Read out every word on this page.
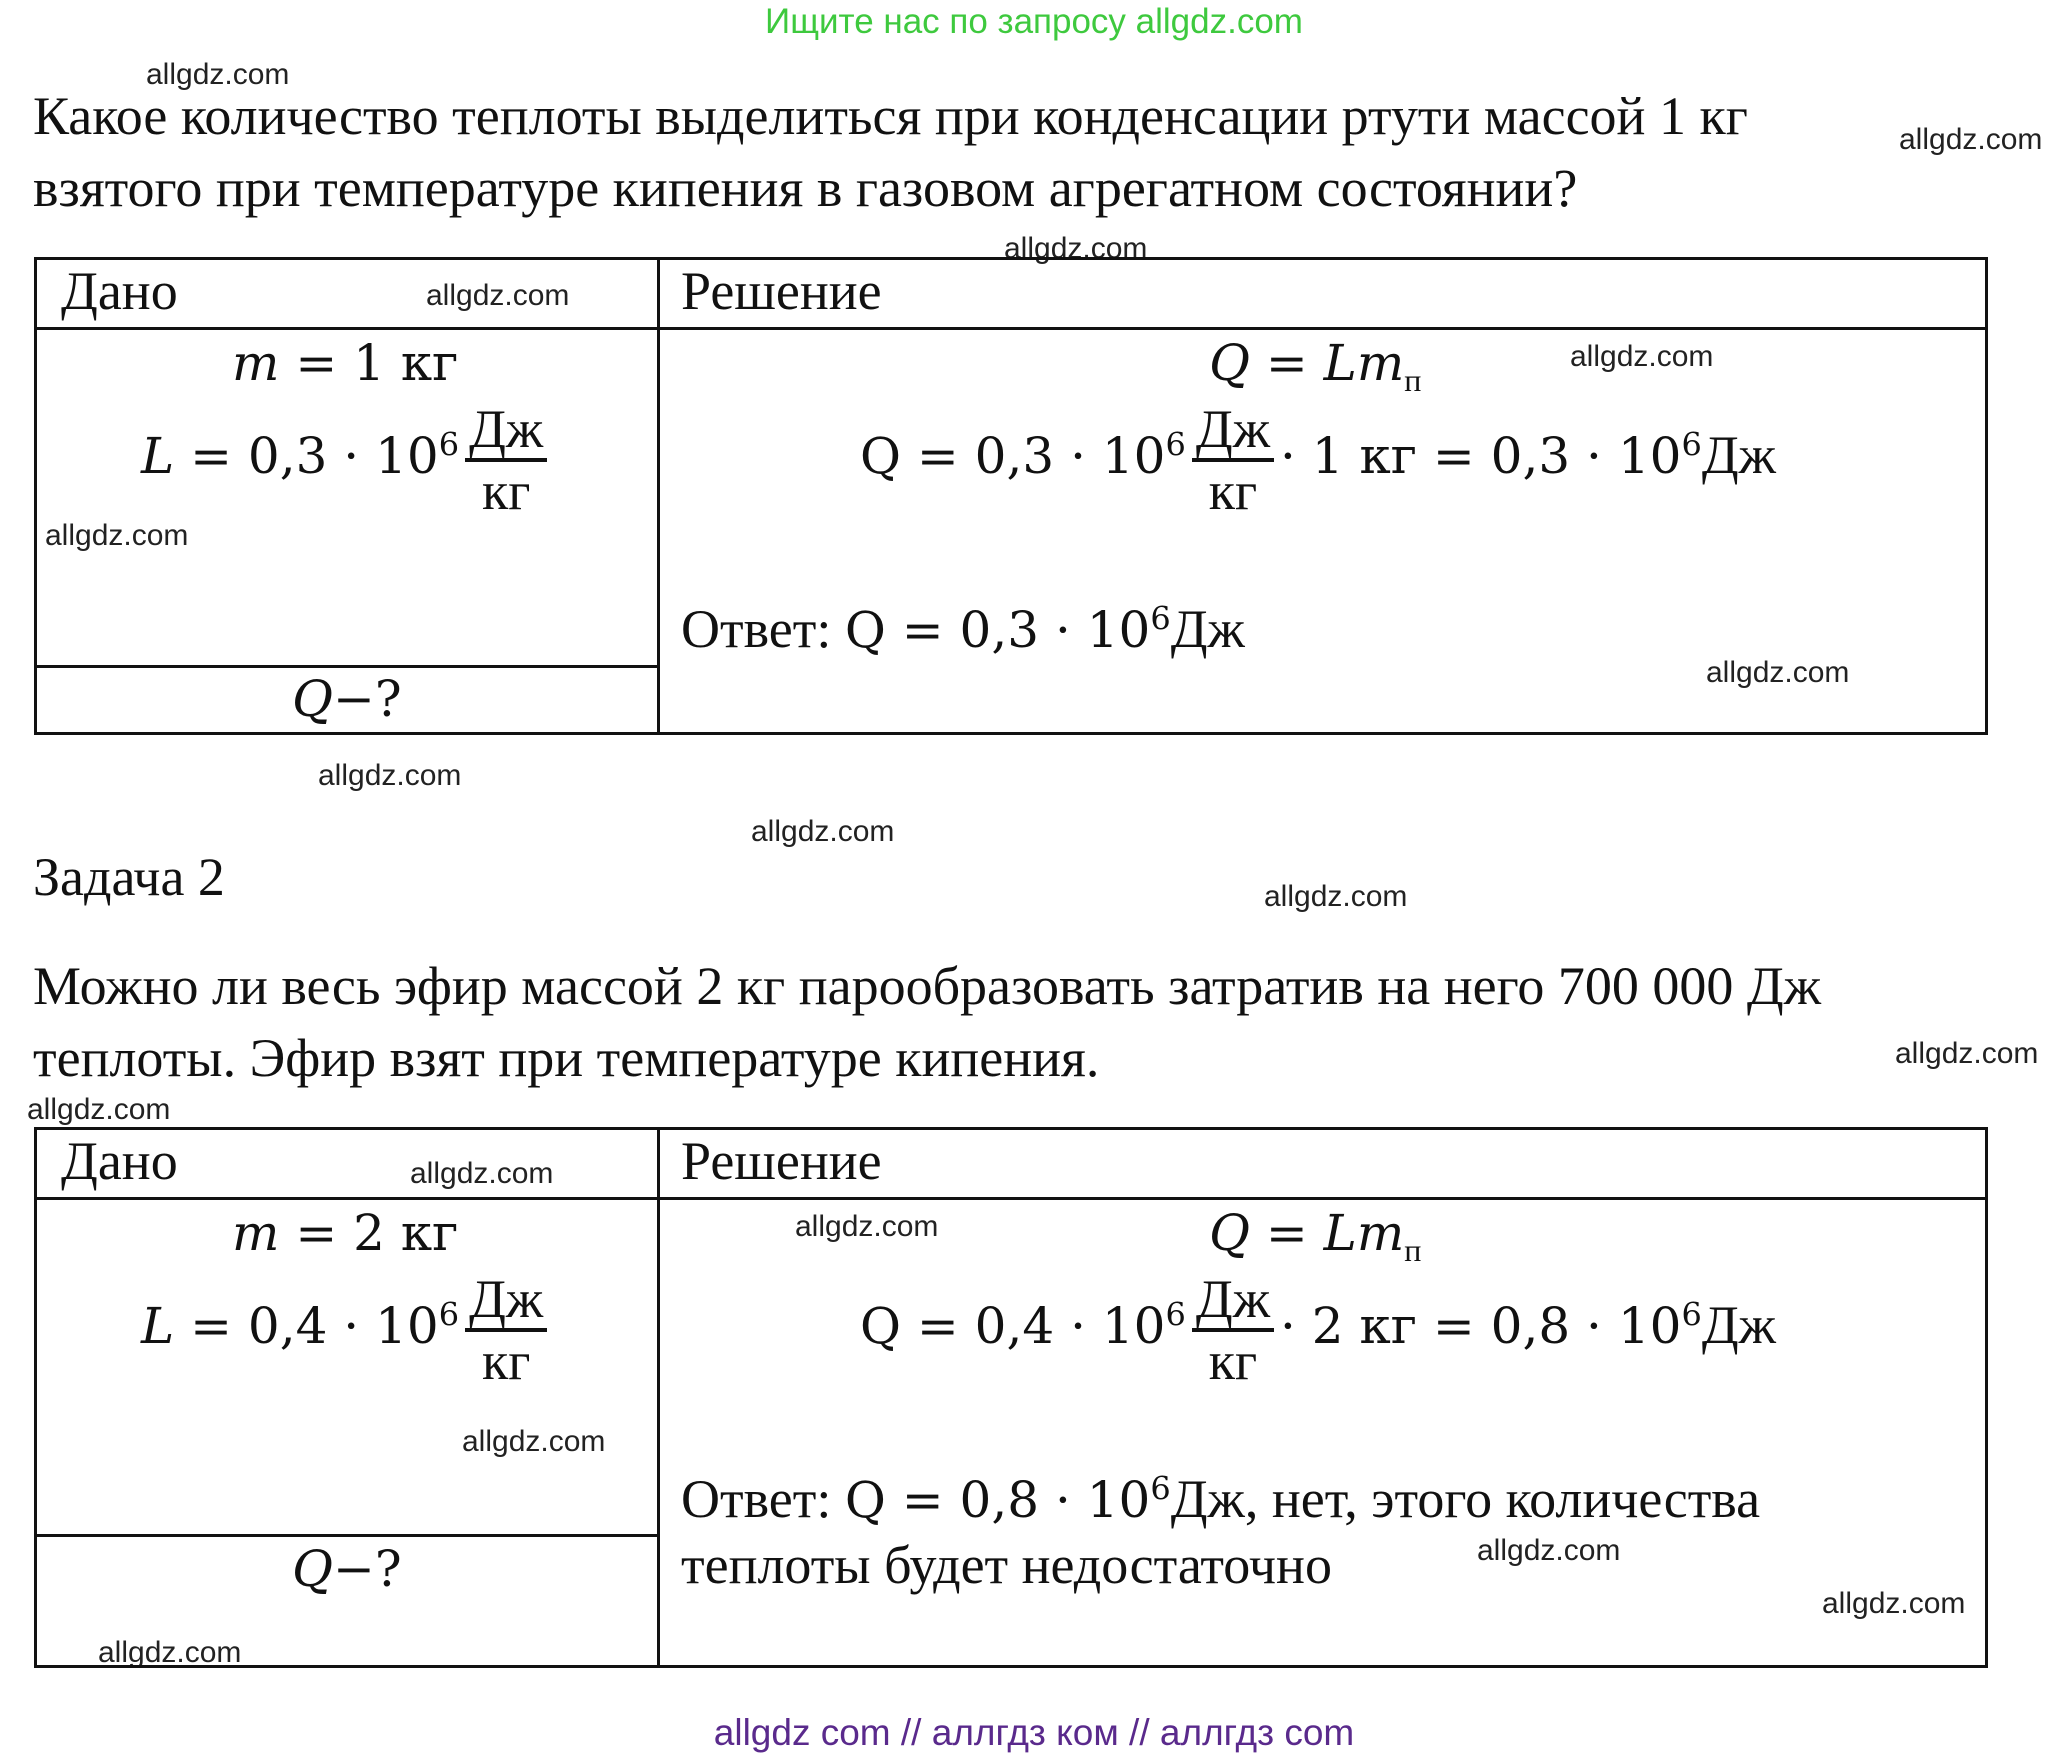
Ищите нас по запросу allgdz.com
allgdz.com
allgdz.com
allgdz.com
allgdz.com
allgdz.com
allgdz.com
allgdz.com
allgdz.com
allgdz.com
allgdz.com
allgdz.com
allgdz.com
allgdz.com
allgdz.com
allgdz.com
allgdz.com
allgdz.com
allgdz.com
Какое количество теплоты выделиться при конденсации ртути массой 1 кг
взятого при температуре кипения в газовом агрегатном состоянии?
Дано	Решение
m = 1 кг
$L = 0,3 \cdot 10^6 \frac{Дж}{кг}$
Q−?
$Q = Lm_п$
$Q = 0,3 \cdot 10^6 \frac{Дж}{кг} \cdot 1$ кг = $0,3 \cdot 10^6Дж$
Ответ: $Q = 0,3 \cdot 10^6Дж$
Задача 2
Можно ли весь эфир массой 2 кг парообразовать затратив на него 700 000 Дж
теплоты. Эфир взят при температуре кипения.
Дано	Решение
m = 2 кг
$L = 0,4 \cdot 10^6 \frac{Дж}{кг}$
Q−?
$Q = Lm_п$
$Q = 0,4 \cdot 10^6 \frac{Дж}{кг} \cdot 2$ кг = $0,8 \cdot 10^6Дж$
Ответ: $Q = 0,8 \cdot 10^6Дж$, нет, этого количества
теплоты будет недостаточно
allgdz com // аллгдз ком // аллгдз com
